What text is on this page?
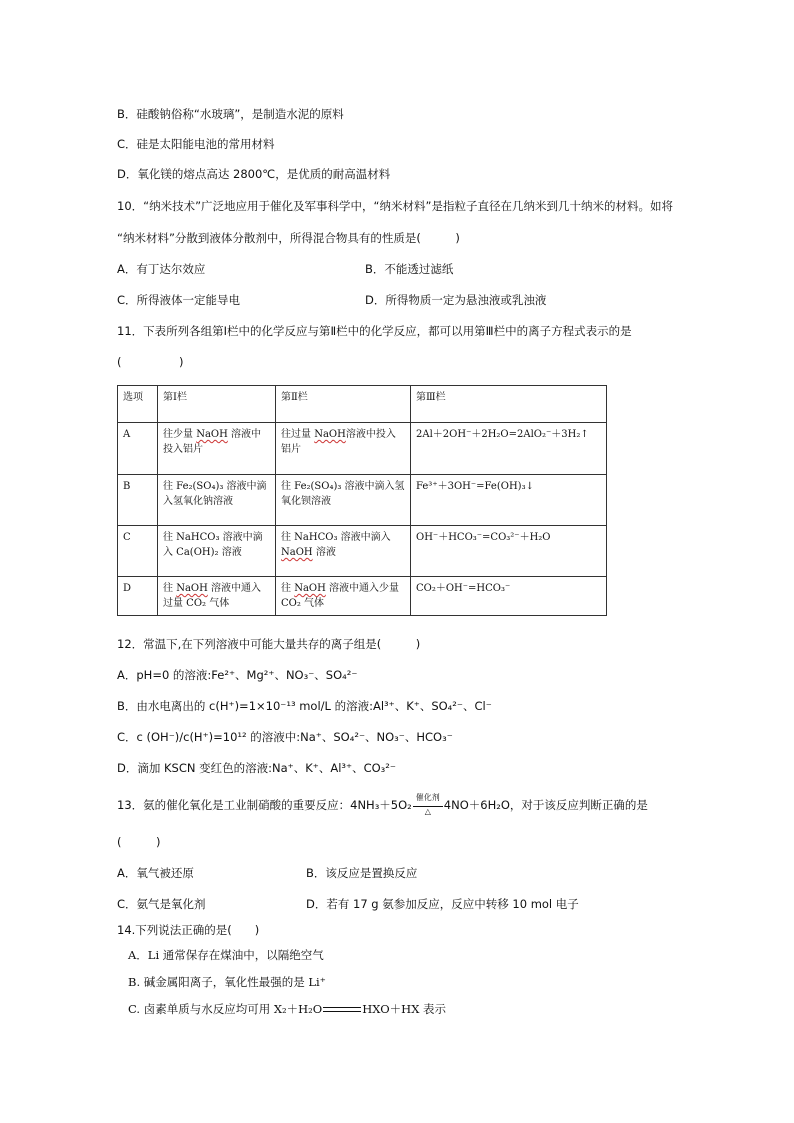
B．硅酸钠俗称“水玻璃”，是制造水泥的原料
C．硅是太阳能电池的常用材料
D．氧化镁的熔点高达 2800℃，是优质的耐高温材料
10．“纳米技术”广泛地应用于催化及军事科学中，“纳米材料”是指粒子直径在几纳米到几十纳米的材料。如将
“纳米材料”分散到液体分散剂中，所得混合物具有的性质是(　　　)
A．有丁达尔效应	B．不能透过滤纸
C．所得液体一定能导电	D．所得物质一定为悬浊液或乳浊液
11．下表所列各组第Ⅰ栏中的化学反应与第Ⅱ栏中的化学反应，都可以用第Ⅲ栏中的离子方程式表示的是
(　　　　　)
选项	第Ⅰ栏	第Ⅱ栏	第Ⅲ栏
A	往少量 NaOH 溶液中投入铝片	往过量 NaOH溶液中投入铝片	2Al＋2OH⁻＋2H₂O=2AlO₂⁻＋3H₂↑
B	往 Fe₂(SO₄)₃ 溶液中滴入氢氧化钠溶液	往 Fe₂(SO₄)₃ 溶液中滴入氢氧化钡溶液	Fe³⁺＋3OH⁻=Fe(OH)₃↓
C	往 NaHCO₃ 溶液中滴入 Ca(OH)₂ 溶液	往 NaHCO₃ 溶液中滴入 NaOH 溶液	OH⁻＋HCO₃⁻=CO₃²⁻＋H₂O
D	往 NaOH 溶液中通入过量 CO₂ 气体	往 NaOH 溶液中通入少量 CO₂ 气体	CO₂＋OH⁻=HCO₃⁻
12．常温下,在下列溶液中可能大量共存的离子组是(　　　)
A．pH=0 的溶液:Fe²⁺、Mg²⁺、NO₃⁻、SO₄²⁻
B．由水电离出的 c(H⁺)=1×10⁻¹³ mol/L 的溶液:Al³⁺、K⁺、SO₄²⁻、Cl⁻
C．c (OH⁻)/c(H⁺)=10¹² 的溶液中:Na⁺、SO₄²⁻、NO₃⁻、HCO₃⁻
D．滴加 KSCN 变红色的溶液:Na⁺、K⁺、Al³⁺、CO₃²⁻
13．氨的催化氧化是工业制硝酸的重要反应：$4NH_3+5O_2 \frac{\text{催化剂}}{\triangle} 4NO+6H_2O$，对于该反应判断正确的是
(　　　)
A．氧气被还原	B．该反应是置换反应
C．氨气是氧化剂	D．若有 17 g 氨参加反应，反应中转移 10 mol 电子
14.下列说法正确的是(　　)
A．Li 通常保存在煤油中，以隔绝空气
B. 碱金属阳离子，氧化性最强的是 Li⁺
C. 卤素单质与水反应均可用 X₂＋H₂O	HXO＋HX 表示
